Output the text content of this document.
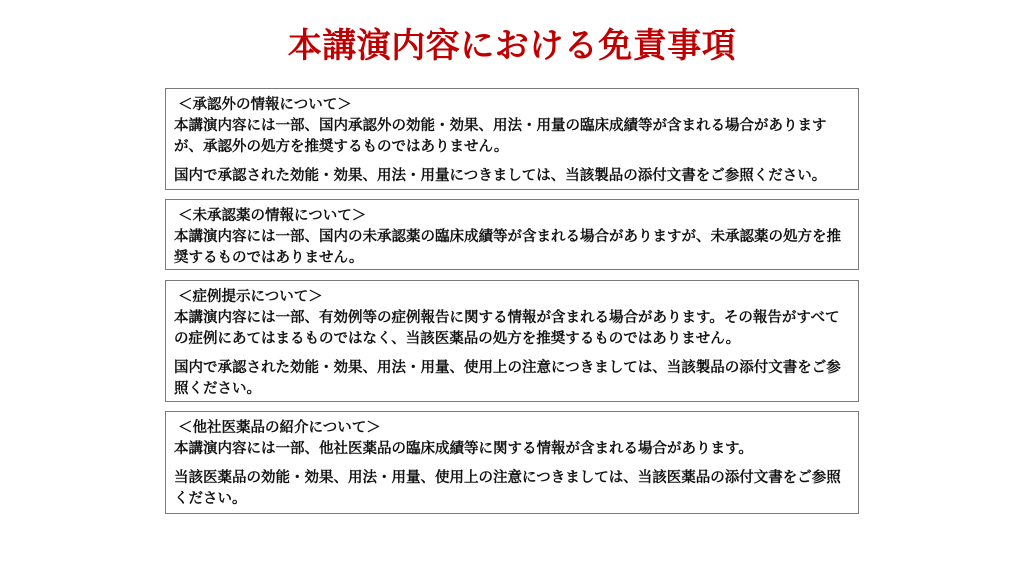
本講演内容における免責事項
＜承認外の情報について＞

本講演内容には一部、国内承認外の効能・効果、用法・用量の臨床成績等が含まれる場合がありますが、承認外の処方を推奨するものではありません。

国内で承認された効能・効果、用法・用量につきましては、当該製品の添付文書をご参照ください。

＜未承認薬の情報について＞

本講演内容には一部、国内の未承認薬の臨床成績等が含まれる場合がありますが、未承認薬の処方を推奨するものではありません。

＜症例提示について＞

本講演内容には一部、有効例等の症例報告に関する情報が含まれる場合があります。その報告がすべての症例にあてはまるものではなく、当該医薬品の処方を推奨するものではありません。

国内で承認された効能・効果、用法・用量、使用上の注意につきましては、当該製品の添付文書をご参照ください。

＜他社医薬品の紹介について＞

本講演内容には一部、他社医薬品の臨床成績等に関する情報が含まれる場合があります。

当該医薬品の効能・効果、用法・用量、使用上の注意につきましては、当該医薬品の添付文書をご参照ください。
